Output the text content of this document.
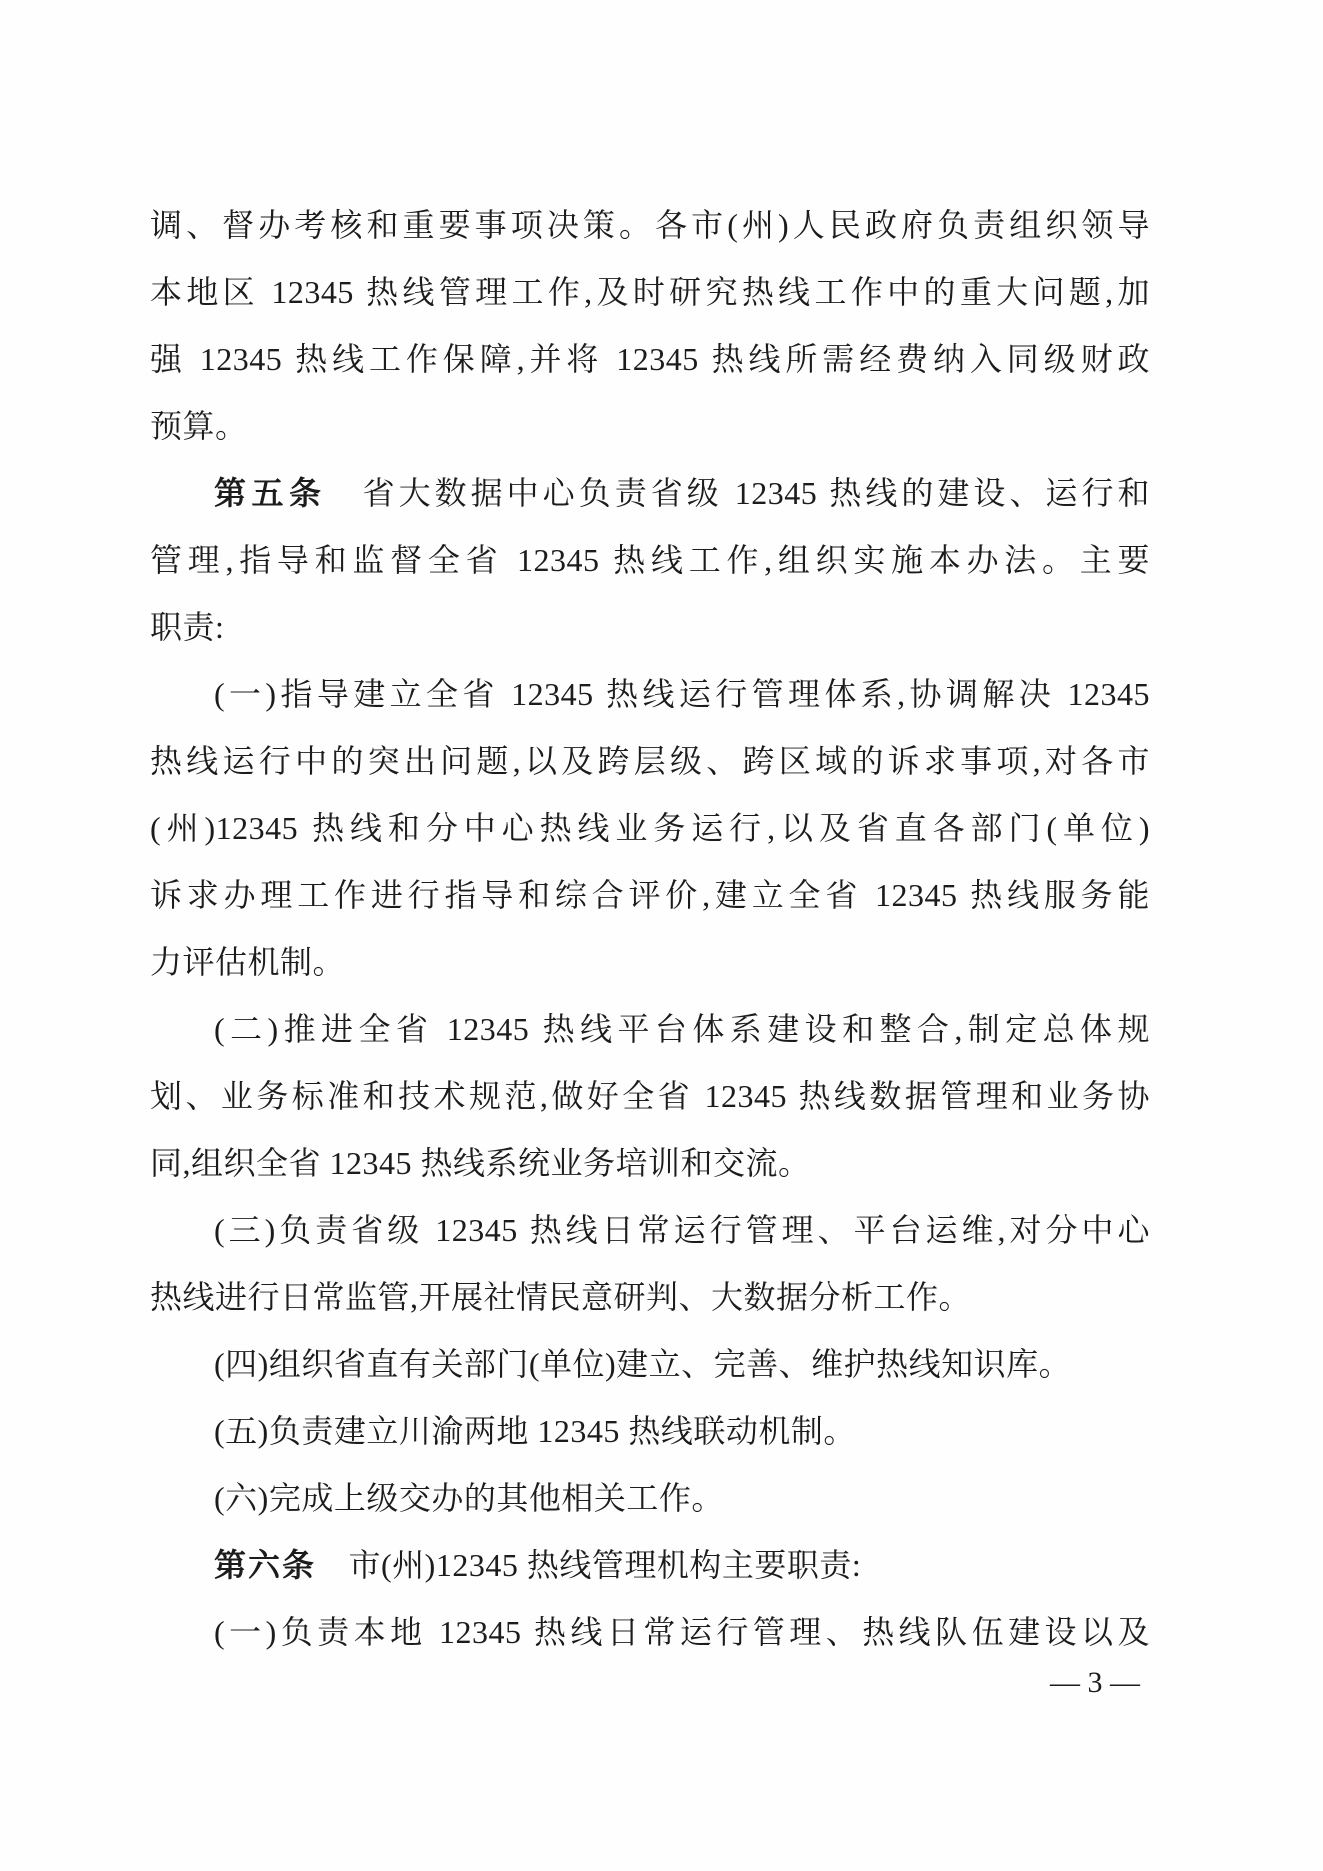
调、督办考核和重要事项决策。各市(州)人民政府负责组织领导
本地区 12345 热线管理工作,及时研究热线工作中的重大问题,加
强 12345 热线工作保障,并将 12345 热线所需经费纳入同级财政
预算。
第五条　省大数据中心负责省级 12345 热线的建设、运行和
管理,指导和监督全省 12345 热线工作,组织实施本办法。主要
职责:
(一)指导建立全省 12345 热线运行管理体系,协调解决 12345
热线运行中的突出问题,以及跨层级、跨区域的诉求事项,对各市
(州)12345 热线和分中心热线业务运行,以及省直各部门(单位)
诉求办理工作进行指导和综合评价,建立全省 12345 热线服务能
力评估机制。
(二)推进全省 12345 热线平台体系建设和整合,制定总体规
划、业务标准和技术规范,做好全省 12345 热线数据管理和业务协
同,组织全省 12345 热线系统业务培训和交流。
(三)负责省级 12345 热线日常运行管理、平台运维,对分中心
热线进行日常监管,开展社情民意研判、大数据分析工作。
(四)组织省直有关部门(单位)建立、完善、维护热线知识库。
(五)负责建立川渝两地 12345 热线联动机制。
(六)完成上级交办的其他相关工作。
第六条　市(州)12345 热线管理机构主要职责:
(一)负责本地 12345 热线日常运行管理、热线队伍建设以及
— 3 —
